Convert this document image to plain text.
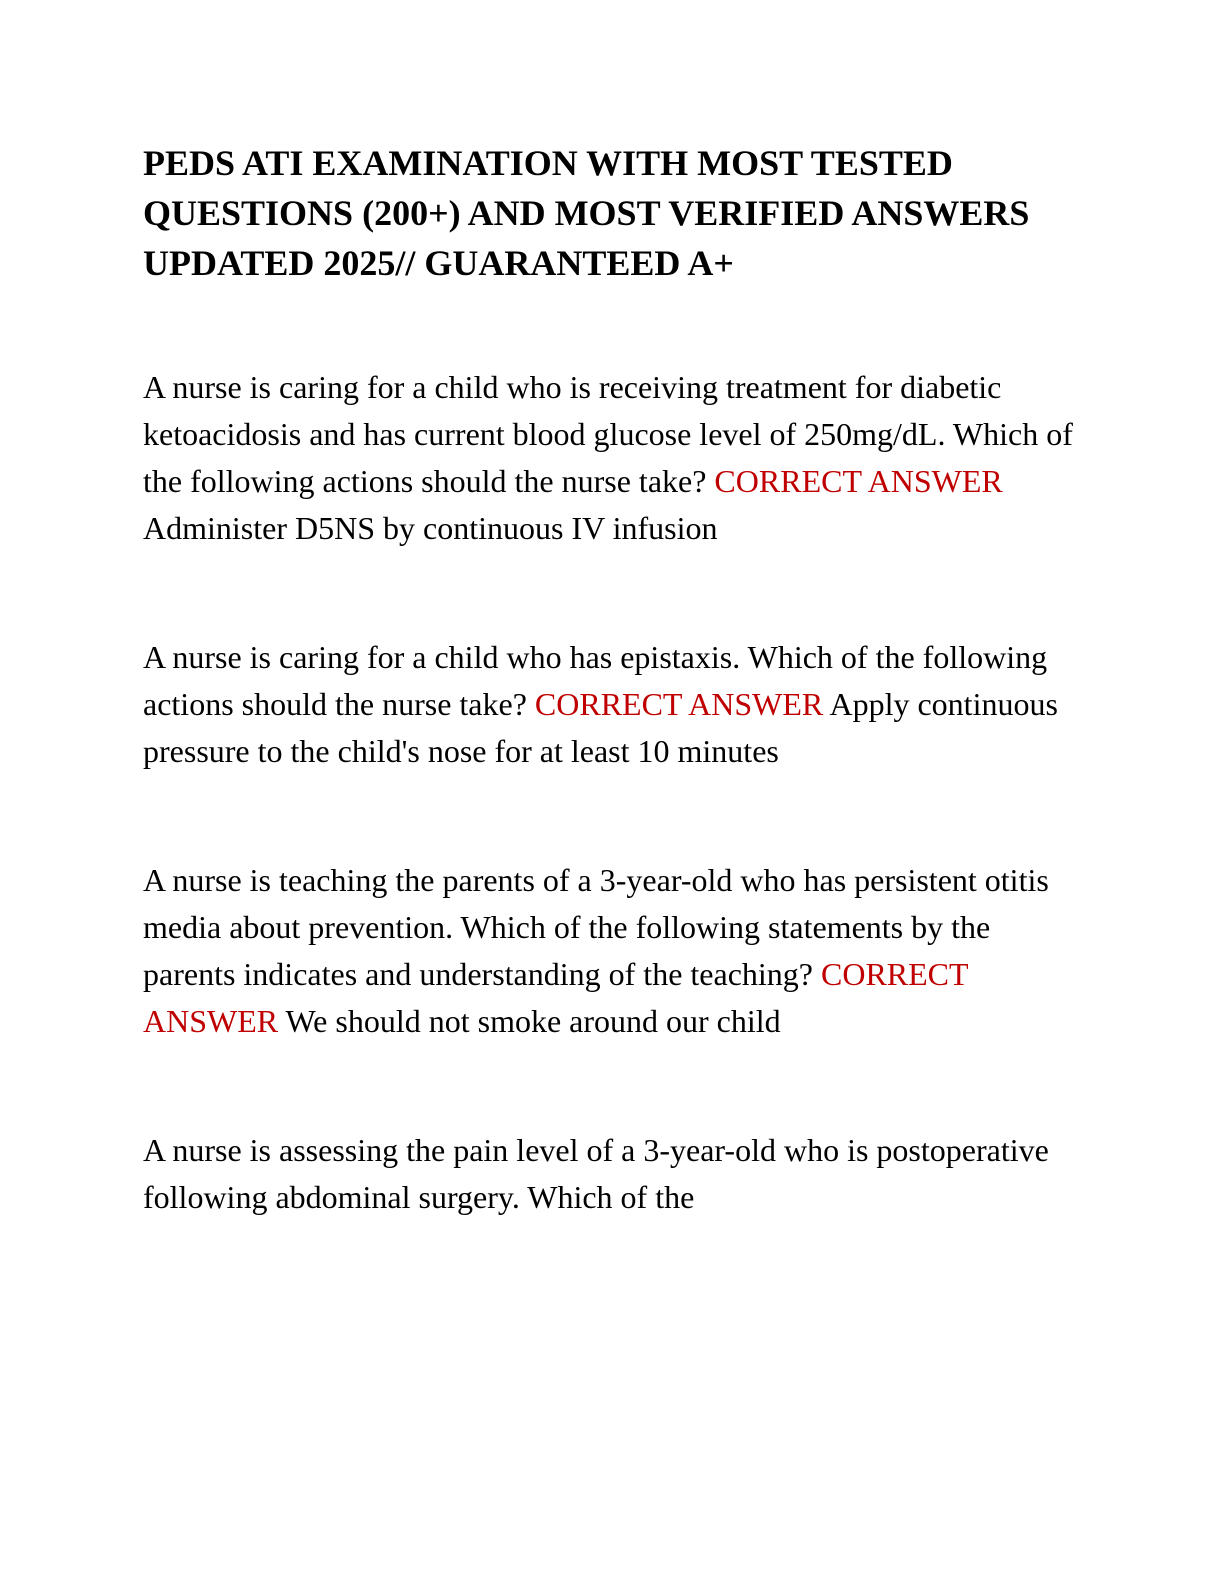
PEDS ATI EXAMINATION WITH MOST TESTED QUESTIONS (200+) AND MOST VERIFIED ANSWERS UPDATED 2025// GUARANTEED A+

A nurse is caring for a child who is receiving treatment for diabetic ketoacidosis and has current blood glucose level of 250mg/dL. Which of the following actions should the nurse take? CORRECT ANSWER Administer D5NS by continuous IV infusion

A nurse is caring for a child who has epistaxis. Which of the following actions should the nurse take? CORRECT ANSWER Apply continuous pressure to the child's nose for at least 10 minutes

A nurse is teaching the parents of a 3-year-old who has persistent otitis media about prevention. Which of the following statements by the parents indicates and understanding of the teaching? CORRECT ANSWER We should not smoke around our child

A nurse is assessing the pain level of a 3-year-old who is postoperative following abdominal surgery. Which of the
